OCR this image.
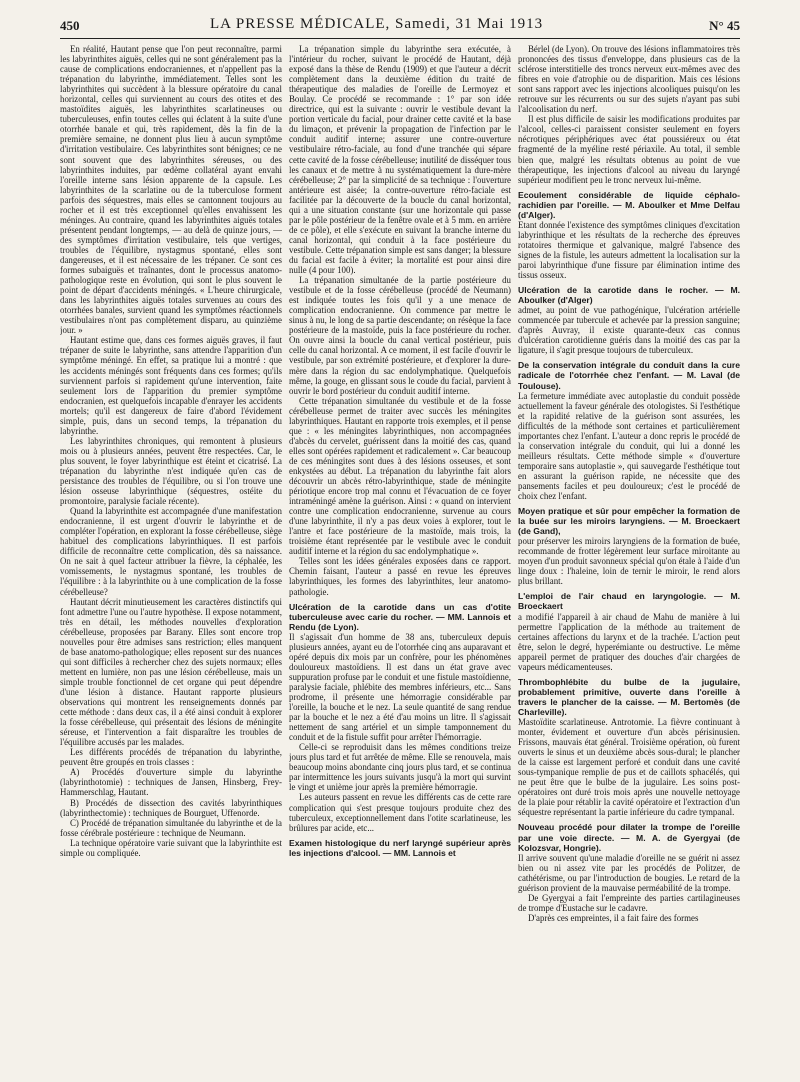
450	LA PRESSE MÉDICALE, Samedi, 31 Mai 1913	N° 45

En réalité, Hautant pense que l'on peut reconnaître, parmi les labyrinthites aiguës, celles qui ne sont généralement pas la cause de complications endocraniennes, et n'appellent pas la trépanation du labyrinthe, immédiatement. Telles sont les labyrinthites qui succèdent à la blessure opératoire du canal horizontal, celles qui surviennent au cours des otites et des mastoïdites aiguës, les labyrinthites scarlatineuses ou tuberculeuses, enfin toutes celles qui éclatent à la suite d'une otorrhée banale et qui, très rapidement, dès la fin de la première semaine, ne donnent plus lieu à aucun symptôme d'irritation vestibulaire. Ces labyrinthites sont bénignes; ce ne sont souvent que des labyrinthites séreuses, ou des labyrinthites induites, par œdème collatéral ayant envahi l'oreille interne sans lésion apparente de la capsule. Les labyrinthites de la scarlatine ou de la tuberculose forment parfois des séquestres, mais elles se cantonnent toujours au rocher et il est très exceptionnel qu'elles envahissent les méninges. Au contraire, quand les labyrinthites aiguës totales présentent pendant longtemps, — au delà de quinze jours, — des symptômes d'irritation vestibulaire, tels que vertiges, troubles de l'équilibre, nystagmus spontané, elles sont dangereuses, et il est nécessaire de les trépaner. Ce sont ces formes subaiguës et traînantes, dont le processus anatomo-pathologique reste en évolution, qui sont le plus souvent le point de départ d'accidents méningés. « L'heure chirurgicale, dans les labyrinthites aiguës totales survenues au cours des otorrhées banales, survient quand les symptômes réactionnels vestibulaires n'ont pas complètement disparu, au quinzième jour. »

Hautant estime que, dans ces formes aiguës graves, il faut trépaner de suite le labyrinthe, sans attendre l'apparition d'un symptôme méningé. En effet, sa pratique lui a montré : que les accidents méningés sont fréquents dans ces formes; qu'ils surviennent parfois si rapidement qu'une intervention, faite seulement lors de l'apparition du premier symptôme endocranien, est quelquefois incapable d'enrayer les accidents mortels; qu'il est dangereux de faire d'abord l'évidement simple, puis, dans un second temps, la trépanation du labyrinthe.

Les labyrinthites chroniques, qui remontent à plusieurs mois ou à plusieurs années, peuvent être respectées. Car, le plus souvent, le foyer labyrinthique est éteint et cicatrisé. La trépanation du labyrinthe n'est indiquée qu'en cas de persistance des troubles de l'équilibre, ou si l'on trouve une lésion osseuse labyrinthique (séquestres, ostéite du promontoire, paralysie faciale récente).

Quand la labyrinthite est accompagnée d'une manifestation endocranienne, il est urgent d'ouvrir le labyrinthe et de compléter l'opération, en explorant la fosse cérébelleuse, siège habituel des complications labyrinthiques. Il est parfois difficile de reconnaître cette complication, dès sa naissance. On ne sait à quel facteur attribuer la fièvre, la céphalée, les vomissements, le nystagmus spontané, les troubles de l'équilibre : à la labyrinthite ou à une complication de la fosse cérébelleuse?

Hautant décrit minutieusement les caractères distinctifs qui font admettre l'une ou l'autre hypothèse. Il expose notamment, très en détail, les méthodes nouvelles d'exploration cérébelleuse, proposées par Barany. Elles sont encore trop nouvelles pour être admises sans restriction; elles manquent de base anatomo-pathologique; elles reposent sur des nuances qui sont difficiles à rechercher chez des sujets normaux; elles mettent en lumière, non pas une lésion cérébelleuse, mais un simple trouble fonctionnel de cet organe qui peut dépendre d'une lésion à distance. Hautant rapporte plusieurs observations qui montrent les renseignements donnés par cette méthode : dans deux cas, il a été ainsi conduit à explorer la fosse cérébelleuse, qui présentait des lésions de méningite séreuse, et l'intervention a fait disparaître les troubles de l'équilibre accusés par les malades.

Les différents procédés de trépanation du labyrinthe, peuvent être groupés en trois classes :

A) Procédés d'ouverture simple du labyrinthe (labyrinthotomie) : techniques de Jansen, Hinsberg, Frey-Hammerschlag, Hautant.

B) Procédés de dissection des cavités labyrinthiques (labyrinthectomie) : techniques de Bourguet, Uffenorde.

C) Procédé de trépanation simultanée du labyrinthe et de la fosse cérébrale postérieure : technique de Neumann.

La technique opératoire varie suivant que la labyrinthite est simple ou compliquée.

La trépanation simple du labyrinthe sera exécutée, à l'intérieur du rocher, suivant le procédé de Hautant, déjà exposé dans la thèse de Rendu (1909) et que l'auteur a décrit complètement dans la deuxième édition du traité de thérapeutique des maladies de l'oreille de Lermoyez et Boulay. Ce procédé se recommande : 1° par son idée directrice, qui est la suivante : ouvrir le vestibule devant la portion verticale du facial, pour drainer cette cavité et la base du limaçon, et prévenir la propagation de l'infection par le conduit auditif interne; assurer une contre-ouverture vestibulaire rétro-faciale, au fond d'une tranchée qui sépare cette cavité de la fosse cérébelleuse; inutilité de disséquer tous les canaux et de mettre à nu systématiquement la dure-mère cérébelleuse; 2° par la simplicité de sa technique : l'ouverture antérieure est aisée; la contre-ouverture rétro-faciale est facilitée par la découverte de la boucle du canal horizontal, qui a une situation constante (sur une horizontale qui passe par le pôle postérieur de la fenêtre ovale et à 5 mm. en arrière de ce pôle), et elle s'exécute en suivant la branche interne du canal horizontal, qui conduit à la face postérieure du vestibule. Cette trépanation simple est sans danger; la blessure du facial est facile à éviter; la mortalité est pour ainsi dire nulle (4 pour 100).

La trépanation simultanée de la partie postérieure du vestibule et de la fosse cérébelleuse (procédé de Neumann) est indiquée toutes les fois qu'il y a une menace de complication endocranienne. On commence par mettre le sinus à nu, le long de sa partie descendante; on résèque la face postérieure de la mastoïde, puis la face postérieure du rocher. On ouvre ainsi la boucle du canal vertical postérieur, puis celle du canal horizontal. A ce moment, il est facile d'ouvrir le vestibule, par son extrémité postérieure, et d'explorer la dure-mère dans la région du sac endolymphatique. Quelquefois même, la gouge, en glissant sous le coude du facial, parvient à ouvrir le bord postérieur du conduit auditif interne.

Cette trépanation simultanée du vestibule et de la fosse cérébelleuse permet de traiter avec succès les méningites labyrinthiques. Hautant en rapporte trois exemples, et il pense que : « les méningites labyrinthiques, non accompagnées d'abcès du cervelet, guérissent dans la moitié des cas, quand elles sont opérées rapidement et radicalement ». Car beaucoup de ces méningites sont dues à des lésions osseuses, et sont enkystées au début. La trépanation du labyrinthe fait alors découvrir un abcès rétro-labyrinthique, stade de méningite périotique encore trop mal connu et l'évacuation de ce foyer intraméningé amène la guérison. Ainsi : « quand on intervient contre une complication endocranienne, survenue au cours d'une labyrinthite, il n'y a pas deux voies à explorer, tout le l'antre et face postérieure de la mastoïde, mais trois, la troisième étant représentée par le vestibule avec le conduit auditif interne et la région du sac endolymphatique ».

Telles sont les idées générales exposées dans ce rapport. Chemin faisant, l'auteur a passé en revue les épreuves labyrinthiques, les formes des labyrinthites, leur anatomo-pathologie.

Ulcération de la carotide dans un cas d'otite tuberculeuse avec carie du rocher. — MM. Lannois et Rendu (de Lyon).

Il s'agissait d'un homme de 38 ans, tuberculeux depuis plusieurs années, ayant eu de l'otorrhée cinq ans auparavant et opéré depuis dix mois par un confrère, pour les phénomènes douloureux mastoïdiens. Il est dans un état grave avec suppuration profuse par le conduit et une fistule mastoïdienne, paralysie faciale, phlébite des membres inférieurs, etc... Sans prodrome, il présente une hémorragie considérable par l'oreille, la bouche et le nez. La seule quantité de sang rendue par la bouche et le nez a été d'au moins un litre. Il s'agissait nettement de sang artériel et un simple tamponnement du conduit et de la fistule suffit pour arrêter l'hémorragie.

Celle-ci se reproduisit dans les mêmes conditions treize jours plus tard et fut arrêtée de même. Elle se renouvela, mais beaucoup moins abondante cinq jours plus tard, et se continua par intermittence les jours suivants jusqu'à la mort qui survint le vingt et unième jour après la première hémorragie.

Les auteurs passent en revue les différents cas de cette rare complication qui s'est presque toujours produite chez des tuberculeux, exceptionnellement dans l'otite scarlatineuse, les brûlures par acide, etc...

Examen histologique du nerf laryngé supérieur après les injections d'alcool. — MM. Lannois et

Bérlel (de Lyon). On trouve des lésions inflammatoires très prononcées des tissus d'enveloppe, dans plusieurs cas de la sclérose interstitielle des troncs nerveux eux-mêmes avec des fibres en voie d'atrophie ou de disparition. Mais ces lésions sont sans rapport avec les injections alcooliques puisqu'on les retrouve sur les récurrents ou sur des sujets n'ayant pas subi l'alcoolisation du nerf.

Il est plus difficile de saisir les modifications produites par l'alcool, celles-ci paraissent consister seulement en foyers nécrotiques périphériques avec état poussiéreux ou état fragmenté de la myéline resté périaxile. Au total, il semble bien que, malgré les résultats obtenus au point de vue thérapeutique, les injections d'alcool au niveau du laryngé supérieur modifient peu le tronc nerveux lui-même.

Ecoulement considérable de liquide céphalo-rachidien par l'oreille. — M. Aboulker et Mme Delfau (d'Alger).

Etant donnée l'existence des symptômes cliniques d'excitation labyrinthique et les résultats de la recherche des épreuves rotatoires thermique et galvanique, malgré l'absence des signes de la fistule, les auteurs admettent la localisation sur la paroi labyrinthique d'une fissure par élimination intime des tissus osseux.

Ulcération de la carotide dans le rocher. — M. Aboulker (d'Alger)

admet, au point de vue pathogénique, l'ulcération artérielle commencée par tubercule et achevée par la pression sanguine; d'après Auvray, il existe quarante-deux cas connus d'ulcération carotidienne guéris dans la moitié des cas par la ligature, il s'agit presque toujours de tuberculeux.

De la conservation intégrale du conduit dans la cure radicale de l'otorrhée chez l'enfant. — M. Laval (de Toulouse).

La fermeture immédiate avec autoplastie du conduit possède actuellement la faveur générale des otologistes. Si l'esthétique et la rapidité relative de la guérison sont assurées, les difficultés de la méthode sont certaines et particulièrement importantes chez l'enfant. L'auteur a donc repris le procédé de la conservation intégrale du conduit, qui lui a donné les meilleurs résultats. Cette méthode simple « d'ouverture temporaire sans autoplastie », qui sauvegarde l'esthétique tout en assurant la guérison rapide, ne nécessite que des pansements faciles et peu douloureux; c'est le procédé de choix chez l'enfant.

Moyen pratique et sûr pour empêcher la formation de la buée sur les miroirs laryngiens. — M. Broeckaert (de Gand),

pour préserver les miroirs laryngiens de la formation de buée, recommande de frotter légèrement leur surface miroitante au moyen d'un produit savonneux spécial qu'on étale à l'aide d'un linge doux : l'haleine, loin de ternir le miroir, le rend alors plus brillant.

L'emploi de l'air chaud en laryngologie. — M. Broeckaert

a modifié l'appareil à air chaud de Mahu de manière à lui permettre l'application de la méthode au traitement de certaines affections du larynx et de la trachée. L'action peut être, selon le degré, hyperémiante ou destructive. Le même appareil permet de pratiquer des douches d'air chargées de vapeurs médicamenteuses.

Thrombophlébite du bulbe de la jugulaire, probablement primitive, ouverte dans l'oreille à travers le plancher de la caisse. — M. Bertomès (de Charleville).

Mastoïdite scarlatineuse. Antrotomie. La fièvre continuant à monter, évidement et ouverture d'un abcès périsinusien. Frissons, mauvais état général. Troisième opération, où furent ouverts le sinus et un deuxième abcès sous-dural; le plancher de la caisse est largement perforé et conduit dans une cavité sous-tympanique remplie de pus et de caillots sphacélés, qui ne peut être que le bulbe de la jugulaire. Les soins post-opératoires ont duré trois mois après une nouvelle nettoyage de la plaie pour rétablir la cavité opératoire et l'extraction d'un séquestre représentant la partie inférieure du cadre tympanal.

Nouveau procédé pour dilater la trompe de l'oreille par une voie directe. — M. A. de Gyergyai (de Kolozsvar, Hongrie).

Il arrive souvent qu'une maladie d'oreille ne se guérit ni assez bien ou ni assez vite par les procédés de Politzer, de cathétérisme, ou par l'introduction de bougies. Le retard de la guérison provient de la mauvaise perméabilité de la trompe.

De Gyergyai a fait l'empreinte des parties cartilagineuses de trompe d'Eustache sur le cadavre.

D'après ces empreintes, il a fait faire des formes
